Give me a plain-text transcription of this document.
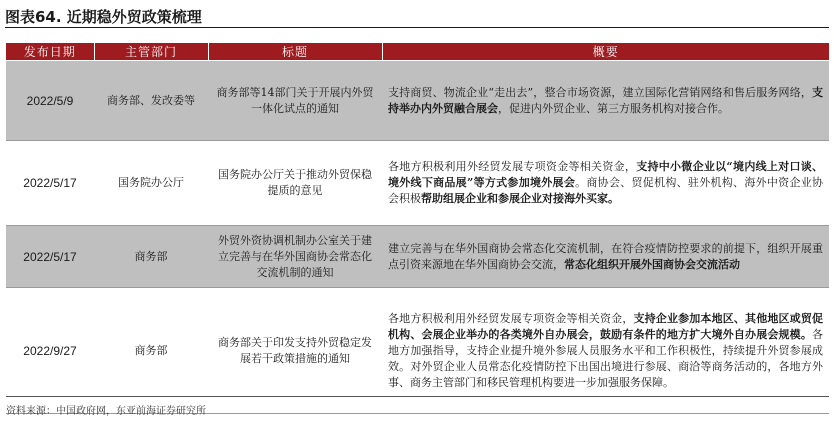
图表64. 近期稳外贸政策梳理
发布日期	主管部门	标题	概要
2022/5/9	商务部、发改委等	商务部等14部门关于开展内外贸一体化试点的通知	支持商贸、物流企业“走出去”，整合市场资源，建立国际化营销网络和售后服务网络，支持举办内外贸融合展会，促进内外贸企业、第三方服务机构对接合作。
2022/5/17	国务院办公厅	国务院办公厅关于推动外贸保稳提质的意见	各地方积极利用外经贸发展专项资金等相关资金，支持中小微企业以“境内线上对口谈、境外线下商品展”等方式参加境外展会。商协会、贸促机构、驻外机构、海外中资企业协会积极帮助组展企业和参展企业对接海外买家。
2022/5/17	商务部	外贸外资协调机制办公室关于建立完善与在华外国商协会常态化交流机制的通知	建立完善与在华外国商协会常态化交流机制，在符合疫情防控要求的前提下，组织开展重点引资来源地在华外国商协会交流，常态化组织开展外国商协会交流活动
2022/9/27	商务部	商务部关于印发支持外贸稳定发展若干政策措施的通知	各地方积极利用外经贸发展专项资金等相关资金，支持企业参加本地区、其他地区或贸促机构、会展企业举办的各类境外自办展会，鼓励有条件的地方扩大境外自办展会规模。各地方加强指导，支持企业提升境外参展人员服务水平和工作积极性，持续提升外贸参展成效。对外贸企业人员常态化疫情防控下出国出境进行参展、商洽等商务活动的，各地方外事、商务主管部门和移民管理机构要进一步加强服务保障。
资料来源：中国政府网，东亚前海证券研究所
